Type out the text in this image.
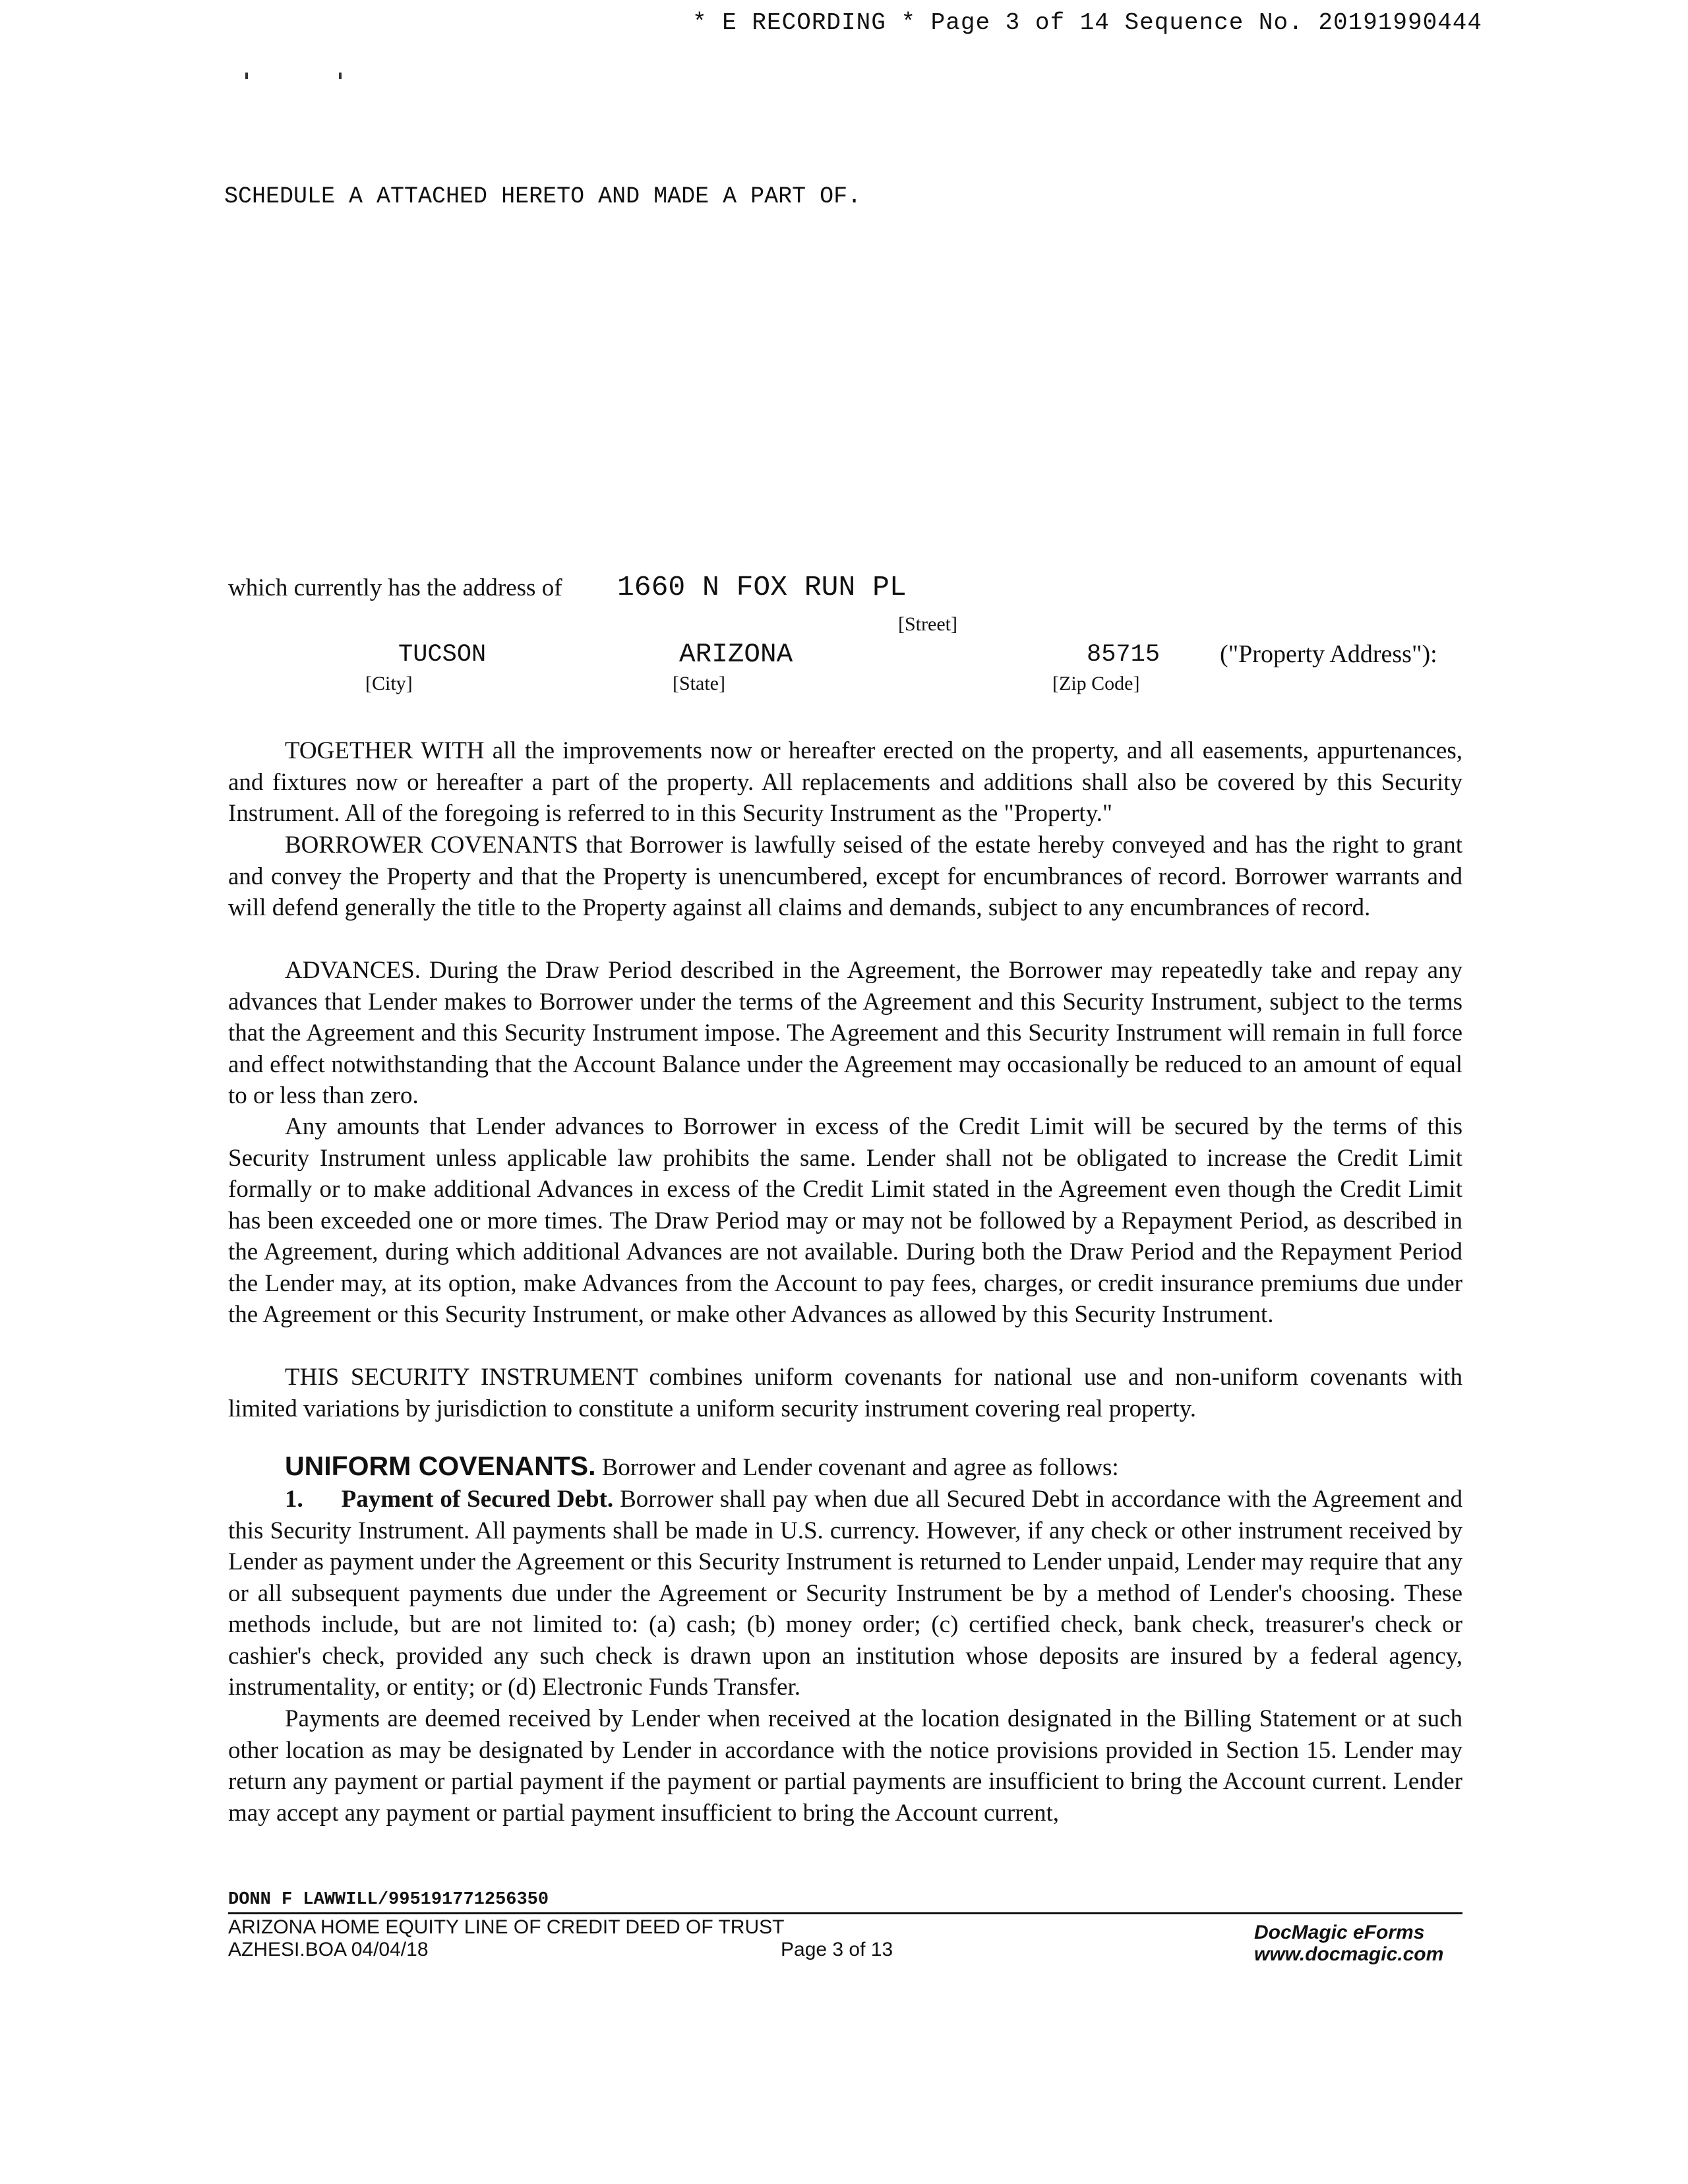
* E RECORDING * Page 3 of 14 Sequence No. 20191990444
SCHEDULE A ATTACHED HERETO AND MADE A PART OF.
which currently has the address of 1660 N FOX RUN PL
[Street]
TUCSON	ARIZONA	85715 ("Property Address"):
[City]	[State]	[Zip Code]
TOGETHER WITH all the improvements now or hereafter erected on the property, and all easements, appurtenances, and fixtures now or hereafter a part of the property. All replacements and additions shall also be covered by this Security Instrument. All of the foregoing is referred to in this Security Instrument as the "Property."
BORROWER COVENANTS that Borrower is lawfully seised of the estate hereby conveyed and has the right to grant and convey the Property and that the Property is unencumbered, except for encumbrances of record. Borrower warrants and will defend generally the title to the Property against all claims and demands, subject to any encumbrances of record.
ADVANCES. During the Draw Period described in the Agreement, the Borrower may repeatedly take and repay any advances that Lender makes to Borrower under the terms of the Agreement and this Security Instrument, subject to the terms that the Agreement and this Security Instrument impose. The Agreement and this Security Instrument will remain in full force and effect notwithstanding that the Account Balance under the Agreement may occasionally be reduced to an amount of equal to or less than zero.
Any amounts that Lender advances to Borrower in excess of the Credit Limit will be secured by the terms of this Security Instrument unless applicable law prohibits the same. Lender shall not be obligated to increase the Credit Limit formally or to make additional Advances in excess of the Credit Limit stated in the Agreement even though the Credit Limit has been exceeded one or more times. The Draw Period may or may not be followed by a Repayment Period, as described in the Agreement, during which additional Advances are not available. During both the Draw Period and the Repayment Period the Lender may, at its option, make Advances from the Account to pay fees, charges, or credit insurance premiums due under the Agreement or this Security Instrument, or make other Advances as allowed by this Security Instrument.
THIS SECURITY INSTRUMENT combines uniform covenants for national use and non-uniform covenants with limited variations by jurisdiction to constitute a uniform security instrument covering real property.
UNIFORM COVENANTS. Borrower and Lender covenant and agree as follows:
1. Payment of Secured Debt. Borrower shall pay when due all Secured Debt in accordance with the Agreement and this Security Instrument. All payments shall be made in U.S. currency. However, if any check or other instrument received by Lender as payment under the Agreement or this Security Instrument is returned to Lender unpaid, Lender may require that any or all subsequent payments due under the Agreement or Security Instrument be by a method of Lender's choosing. These methods include, but are not limited to: (a) cash; (b) money order; (c) certified check, bank check, treasurer's check or cashier's check, provided any such check is drawn upon an institution whose deposits are insured by a federal agency, instrumentality, or entity; or (d) Electronic Funds Transfer.
Payments are deemed received by Lender when received at the location designated in the Billing Statement or at such other location as may be designated by Lender in accordance with the notice provisions provided in Section 15. Lender may return any payment or partial payment if the payment or partial payments are insufficient to bring the Account current. Lender may accept any payment or partial payment insufficient to bring the Account current,
DONN F LAWWILL/995191771256350
ARIZONA HOME EQUITY LINE OF CREDIT DEED OF TRUST
AZHESI.BOA 04/04/18	Page 3 of 13
DocMagic eForms
www.docmagic.com
